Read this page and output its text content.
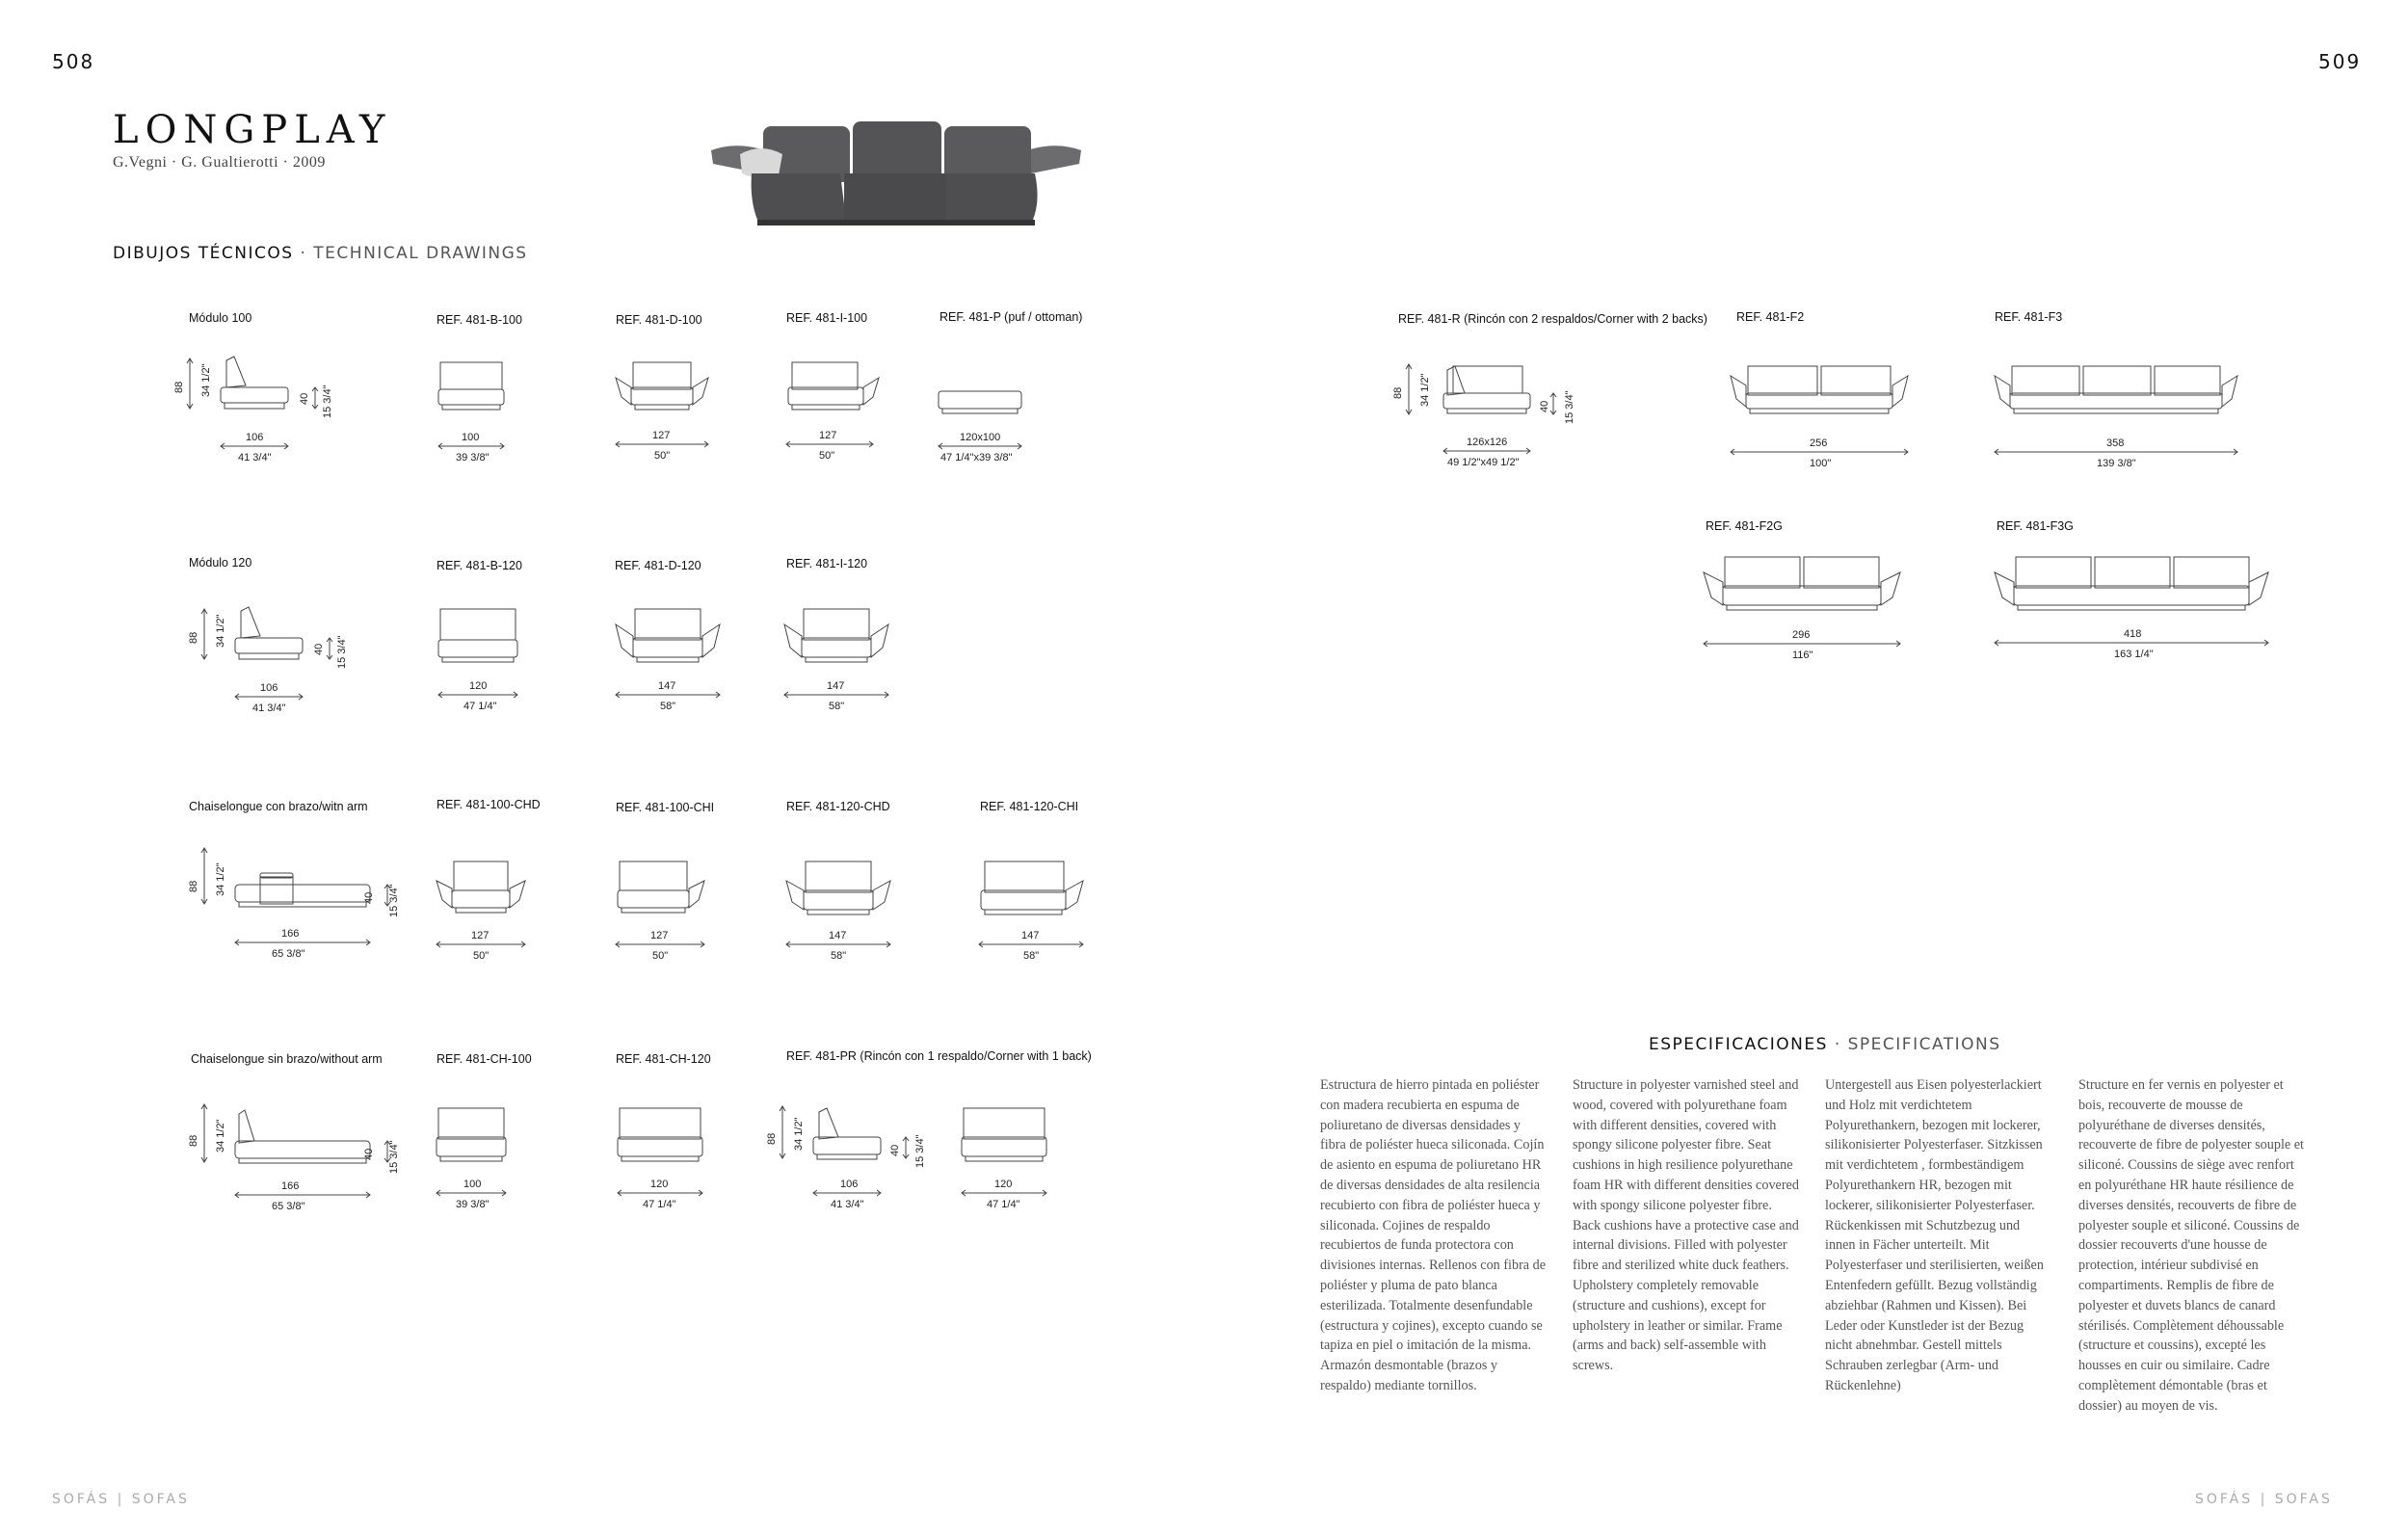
508	509
LONGPLAY
G.Vegni · G. Gualtierotti · 2009
DIBUJOS TÉCNICOS · TECHNICAL DRAWINGS
ESPECIFICACIONES · SPECIFICATIONS
Módulo 100	REF. 481-B-100	REF. 481-D-100	REF. 481-I-100	REF. 481-P (puf / ottoman)
Módulo 120	REF. 481-B-120	REF. 481-D-120	REF. 481-I-120
Chaiselongue con brazo/witn arm	REF. 481-100-CHD	REF. 481-100-CHI	REF. 481-120-CHD	REF. 481-120-CHI
Chaiselongue sin brazo/without arm	REF. 481-CH-100	REF. 481-CH-120	REF. 481-PR (Rincón con 1 respaldo/Corner with 1 back)
REF. 481-R (Rincón con 2 respaldos/Corner with 2 backs) REF. 481-F2	REF. 481-F3
REF. 481-F2G	REF. 481-F3G
88 34 1/2"
40 15 3/4"
106
41 3/4"
100
39 3/8"
127
50"
127
50"
120x100
47 1/4"x39 3/8"
88 34 1/2"
40 15 3/4"
106
41 3/4"
120
47 1/4"
147
58"
147
58"
88 34 1/2"
40 15 3/4"
166
65 3/8"
127
50"
127
50"
147
58"
147
58"
88 34 1/2"
40 15 3/4"
166
65 3/8"
100
39 3/8"
120
47 1/4"
88 34 1/2"	40 15 3/4"
106
41 3/4"
120
47 1/4"
88 34 1/2"	40 15 3/4"
126x126
49 1/2"x49 1/2"
256
100"
358
139 3/8"
296
116"
418
163 1/4"
Estructura de hierro pintada en poliéster con madera recubierta en espuma de poliuretano de diversas densidades y fibra de poliéster hueca siliconada. Cojín de asiento en espuma de poliuretano HR de diversas densidades de alta resilencia recubierto con fibra de poliéster hueca y siliconada. Cojines de respaldo recubiertos de funda protectora con divisiones internas. Rellenos con fibra de poliéster y pluma de pato blanca esterilizada. Totalmente desenfundable (estructura y cojines), excepto cuando se tapiza en piel o imitación de la misma. Armazón desmontable (brazos y respaldo) mediante tornillos.
Structure in polyester varnished steel and wood, covered with polyurethane foam with different densities, covered with spongy silicone polyester fibre. Seat cushions in high resilience polyurethane foam HR with different densities covered with spongy silicone polyester fibre. Back cushions have a protective case and internal divisions. Filled with polyester fibre and sterilized white duck feathers. Upholstery completely removable (structure and cushions), except for upholstery in leather or similar. Frame (arms and back) self-assemble with screws.
Untergestell aus Eisen polyesterlackiert und Holz mit verdichtetem Polyurethankern, bezogen mit lockerer, silikonisierter Polyesterfaser. Sitzkissen mit verdichtetem , formbeständigem Polyurethankern HR, bezogen mit lockerer, silikonisierter Polyesterfaser. Rückenkissen mit Schutzbezug und innen in Fächer unterteilt. Mit Polyesterfaser und sterilisierten, weißen Entenfedern gefüllt. Bezug vollständig abziehbar (Rahmen und Kissen). Bei Leder oder Kunstleder ist der Bezug nicht abnehmbar. Gestell mittels Schrauben zerlegbar (Arm- und Rückenlehne)
Structure en fer vernis en polyester et bois, recouverte de mousse de polyuréthane de diverses densités, recouverte de fibre de polyester souple et siliconé. Coussins de siège avec renfort en polyuréthane HR haute résilience de diverses densités, recouverts de fibre de polyester souple et siliconé. Coussins de dossier recouverts d'une housse de protection, intérieur subdivisé en compartiments. Remplis de fibre de polyester et duvets blancs de canard stérilisés. Complètement déhoussable (structure et coussins), excepté les housses en cuir ou similaire. Cadre complètement démontable (bras et dossier) au moyen de vis.
SOFÁS | SOFAS	SOFÁS | SOFAS
